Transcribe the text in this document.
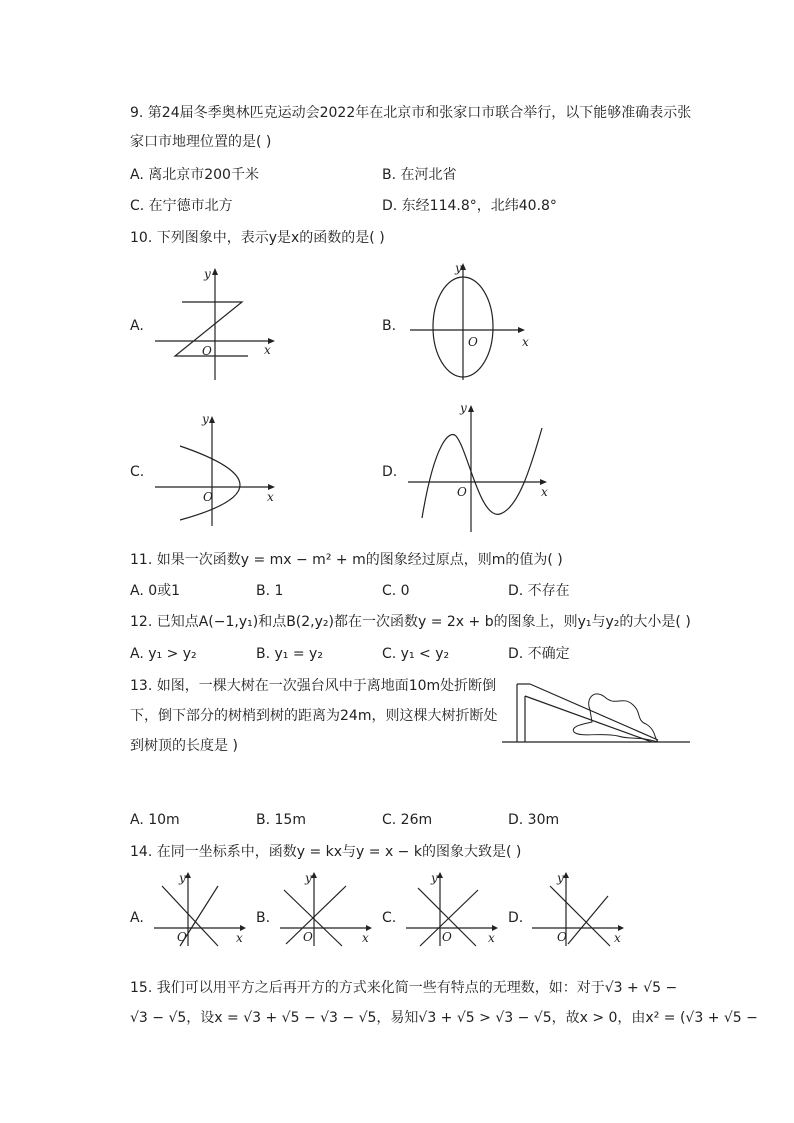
9. 第24届冬季奥林匹克运动会2022年在北京市和张家口市联合举行，以下能够准确表示张
家口市地理位置的是( )
A. 离北京市200千米	B. 在河北省
C. 在宁德市北方	D. 东经114.8°，北纬40.8°
10. 下列图象中，表示y是x的函数的是( )
A.
O	x
y
B.
O	x
y
C.
O	x
y
D.
O	x
y
11. 如果一次函数y = mx − m² + m的图象经过原点，则m的值为( )
A. 0或1	B. 1	C. 0	D. 不存在
12. 已知点A(−1,y₁)和点B(2,y₂)都在一次函数y = 2x + b的图象上，则y₁与y₂的大小是( )
A. y₁ > y₂	B. y₁ = y₂	C. y₁ < y₂	D. 不确定
13. 如图，一棵大树在一次强台风中于离地面10m处折断倒
下，倒下部分的树梢到树的距离为24m，则这棵大树折断处
到树顶的长度是 )
A. 10m	B. 15m	C. 26m	D. 30m
14. 在同一坐标系中，函数y = kx与y = x − k的图象大致是( )
A.
O	x
y
B.
O	x
y
C.
O	x
y
D.
O	x
y
15. 我们可以用平方之后再开方的方式来化简一些有特点的无理数，如：对于√3 + √5 −
√3 − √5，设x = √3 + √5 − √3 − √5，易知√3 + √5 > √3 − √5，故x > 0，由x² = (√3 + √5 −
